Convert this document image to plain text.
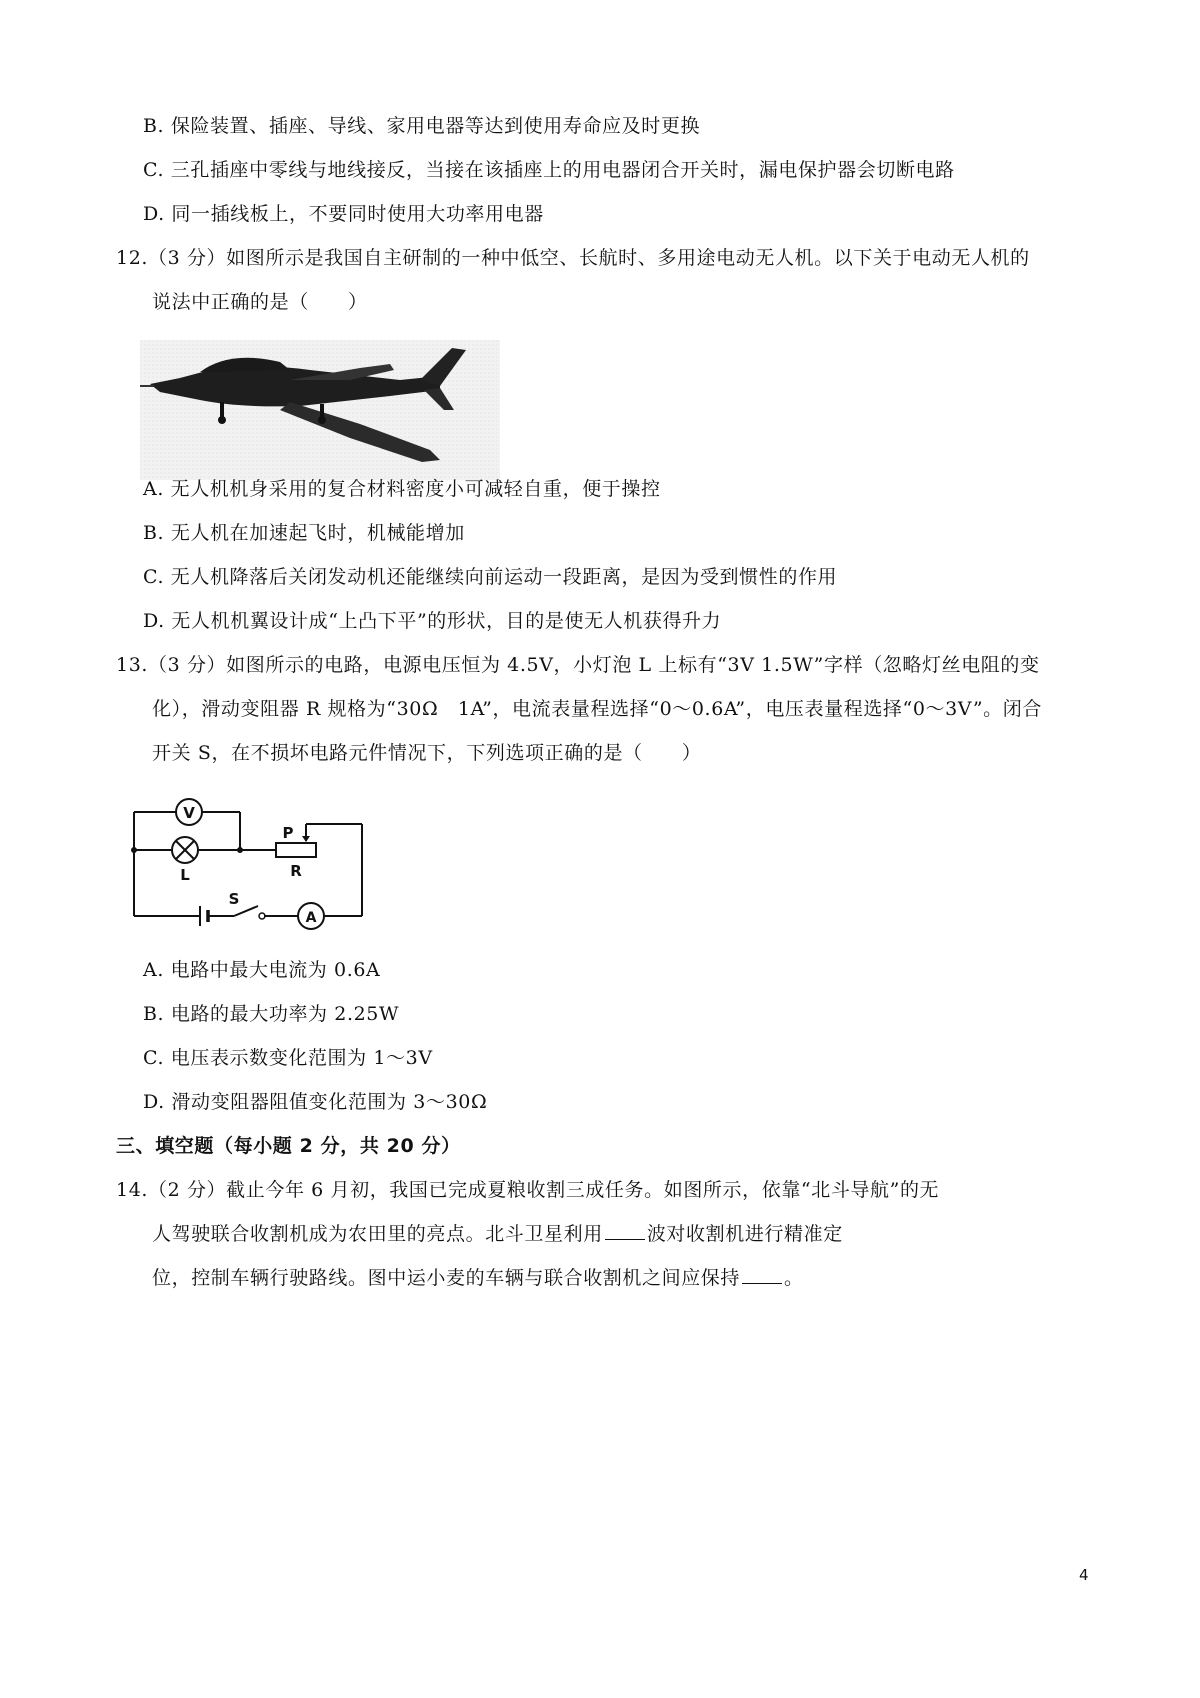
B. 保险装置、插座、导线、家用电器等达到使用寿命应及时更换
C. 三孔插座中零线与地线接反，当接在该插座上的用电器闭合开关时，漏电保护器会切断电路
D. 同一插线板上，不要同时使用大功率用电器
12.（3 分）如图所示是我国自主研制的一种中低空、长航时、多用途电动无人机。以下关于电动无人机的
说法中正确的是（　　）
A. 无人机机身采用的复合材料密度小可减轻自重，便于操控
B. 无人机在加速起飞时，机械能增加
C. 无人机降落后关闭发动机还能继续向前运动一段距离，是因为受到惯性的作用
D. 无人机机翼设计成“上凸下平”的形状，目的是使无人机获得升力
13.（3 分）如图所示的电路，电源电压恒为 4.5V，小灯泡 L 上标有“3V 1.5W”字样（忽略灯丝电阻的变
化），滑动变阻器 R 规格为“30Ω　1A”，电流表量程选择“0～0.6A”，电压表量程选择“0～3V”。闭合
开关 S，在不损坏电路元件情况下，下列选项正确的是（　　）
V
L
P
R
S
A
A. 电路中最大电流为 0.6A
B. 电路的最大功率为 2.25W
C. 电压表示数变化范围为 1～3V
D. 滑动变阻器阻值变化范围为 3～30Ω
三、填空题（每小题 2 分，共 20 分）
14.（2 分）截止今年 6 月初，我国已完成夏粮收割三成任务。如图所示，依靠“北斗导航”的无
人驾驶联合收割机成为农田里的亮点。北斗卫星利用 波对收割机进行精准定
位，控制车辆行驶路线。图中运小麦的车辆与联合收割机之间应保持 。
4
